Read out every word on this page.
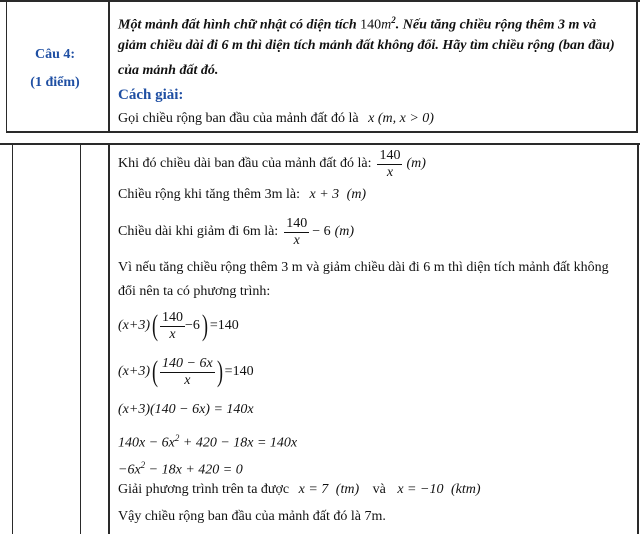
Câu 4:
(1 điểm)
Một mảnh đất hình chữ nhật có diện tích $140m^2$. Nếu tăng chiều rộng thêm 3 m và
giảm chiều dài đi 6 m thì diện tích mảnh đất không đổi. Hãy tìm chiều rộng (ban đầu)
của mảnh đất đó.
Cách giải:
Gọi chiều rộng ban đầu của mảnh đất đó là x (m, x > 0)
Khi đó chiều dài ban đầu của mảnh đất đó là: $\frac{140}{x} (m)$
Chiều rộng khi tăng thêm 3m là: x + 3 (m)
Chiều dài khi giảm đi 6m là: $\frac{140}{x} - 6$ (m)
Vì nếu tăng chiều rộng thêm 3 m và giảm chiều dài đi 6 m thì diện tích mảnh đất không
đổi nên ta có phương trình:
(x+3) ( $\frac{140}{x} -6$ ) =140
(x+3) ( $\frac{140 - 6x}{x}$ ) =140
(x+3)(140 − 6x) = 140x
$140x - 6x^2 + 420 - 18x = 140x$
$-6x^2 - 18x + 420 = 0$
Giải phương trình trên ta được x = 7 (tm) và x = −10 (ktm)
Vậy chiều rộng ban đầu của mảnh đất đó là 7m.
